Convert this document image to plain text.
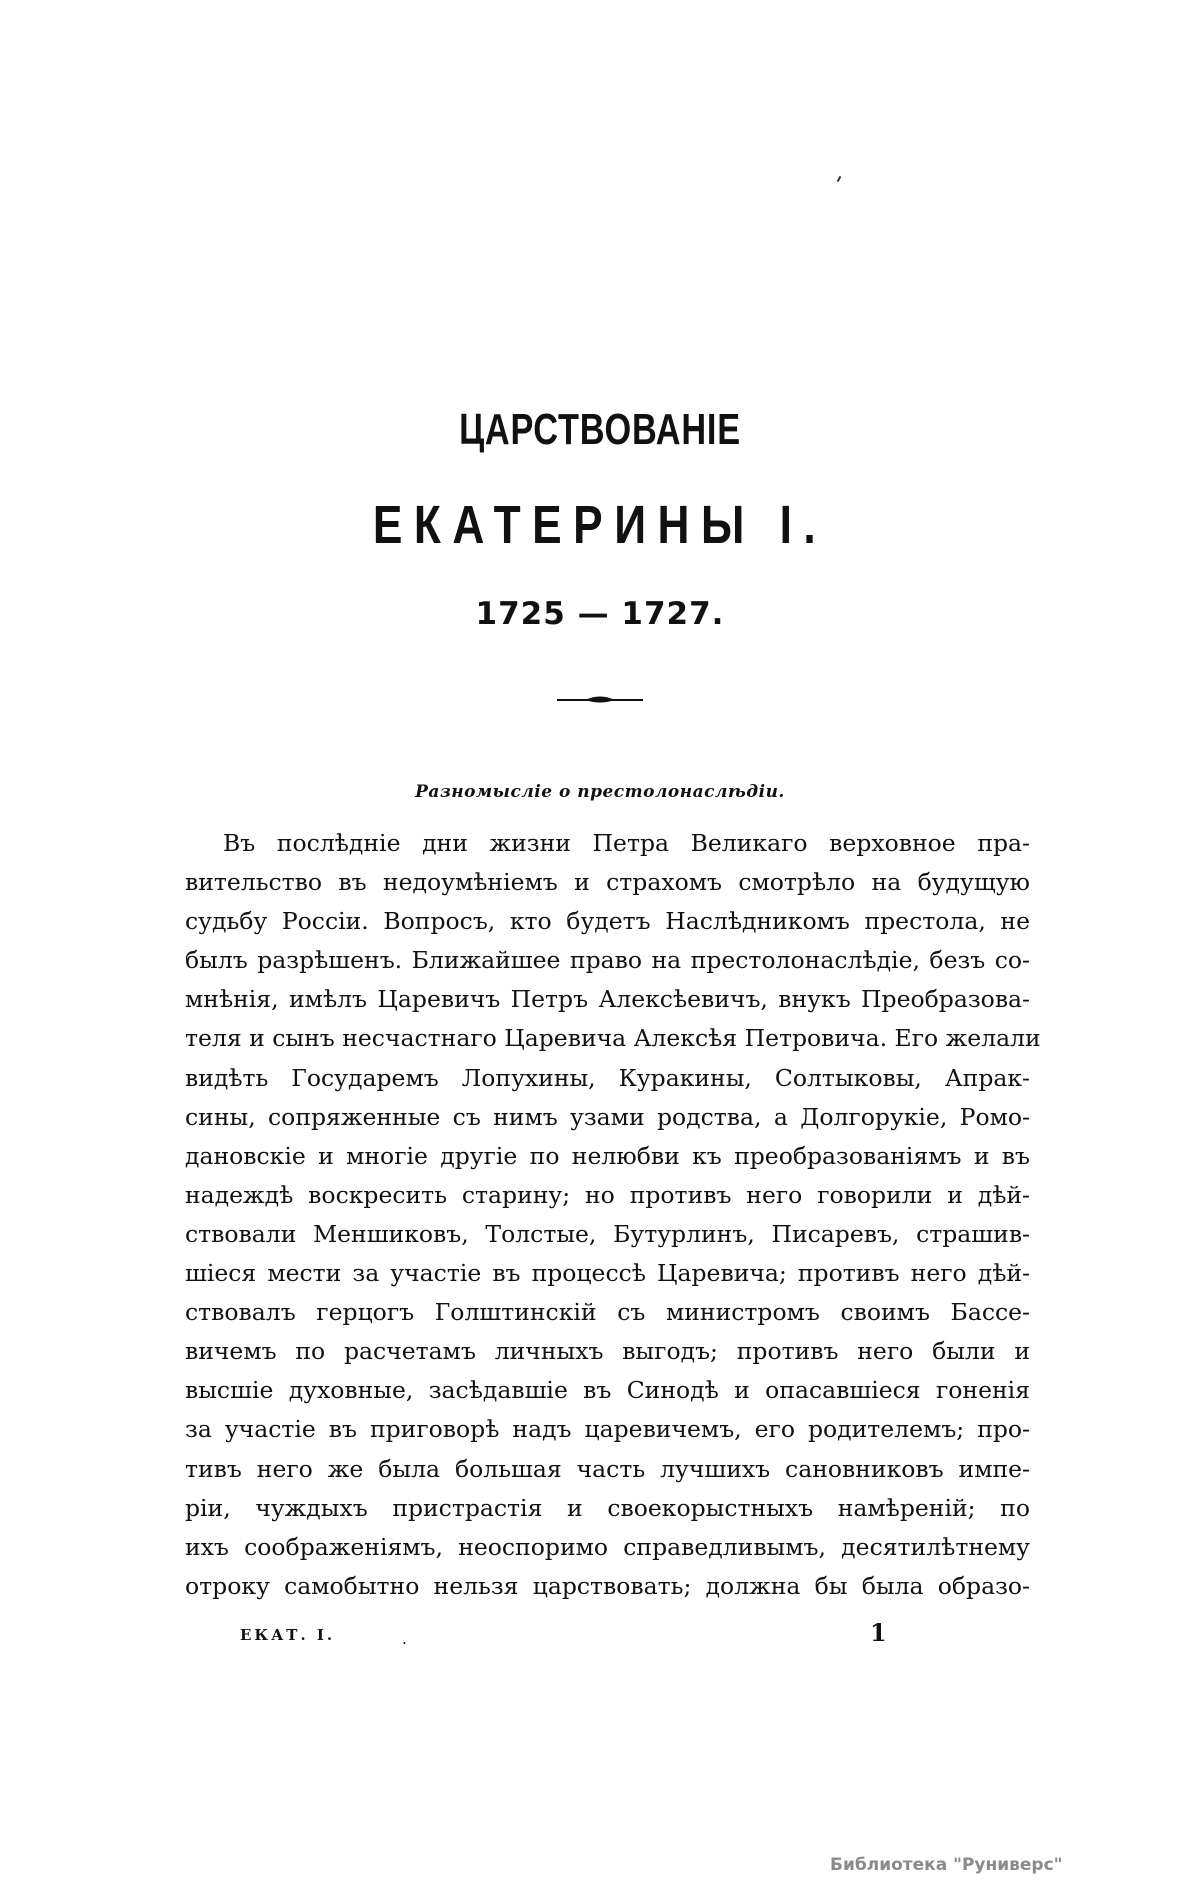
ЦАРСТВОВАНІЕ
ЕКАТЕРИНЫ I.
1725 — 1727.
Разномысліе о престолонаслѣдіи.
Въ послѣдніе дни жизни Петра Великаго верховное пра-
вительство въ недоумѣніемъ и страхомъ смотрѣло на будущую
судьбу Россіи. Вопросъ, кто будетъ Наслѣдникомъ престола, не
былъ разрѣшенъ. Ближайшее право на престолонаслѣдіе, безъ со-
мнѣнія, имѣлъ Царевичъ Петръ Алексѣевичъ, внукъ Преобразова-
теля и сынъ несчастнаго Царевича Алексѣя Петровича. Его желали
видѣть Государемъ Лопухины, Куракины, Солтыковы, Апрак-
сины, сопряженные съ нимъ узами родства, а Долгорукіе, Ромо-
дановскіе и многіе другіе по нелюбви къ преобразованіямъ и въ
надеждѣ воскресить старину; но противъ него говорили и дѣй-
ствовали Меншиковъ, Толстые, Бутурлинъ, Писаревъ, страшив-
шіеся мести за участіе въ процессѣ Царевича; противъ него дѣй-
ствовалъ герцогъ Голштинскій съ министромъ своимъ Бассе-
вичемъ по расчетамъ личныхъ выгодъ; противъ него были и
высшіе духовные, засѣдавшіе въ Синодѣ и опасавшіеся гоненія
за участіе въ приговорѣ надъ царевичемъ, его родителемъ; про-
тивъ него же была большая часть лучшихъ сановниковъ импе-
ріи, чуждыхъ пристрастія и своекорыстныхъ намѣреній; по
ихъ соображеніямъ, неоспоримо справедливымъ, десятилѣтнему
отроку самобытно нельзя царствовать; должна бы была образо-
ЕКАТ. I.	.	1
Библиотека "Руниверс"
